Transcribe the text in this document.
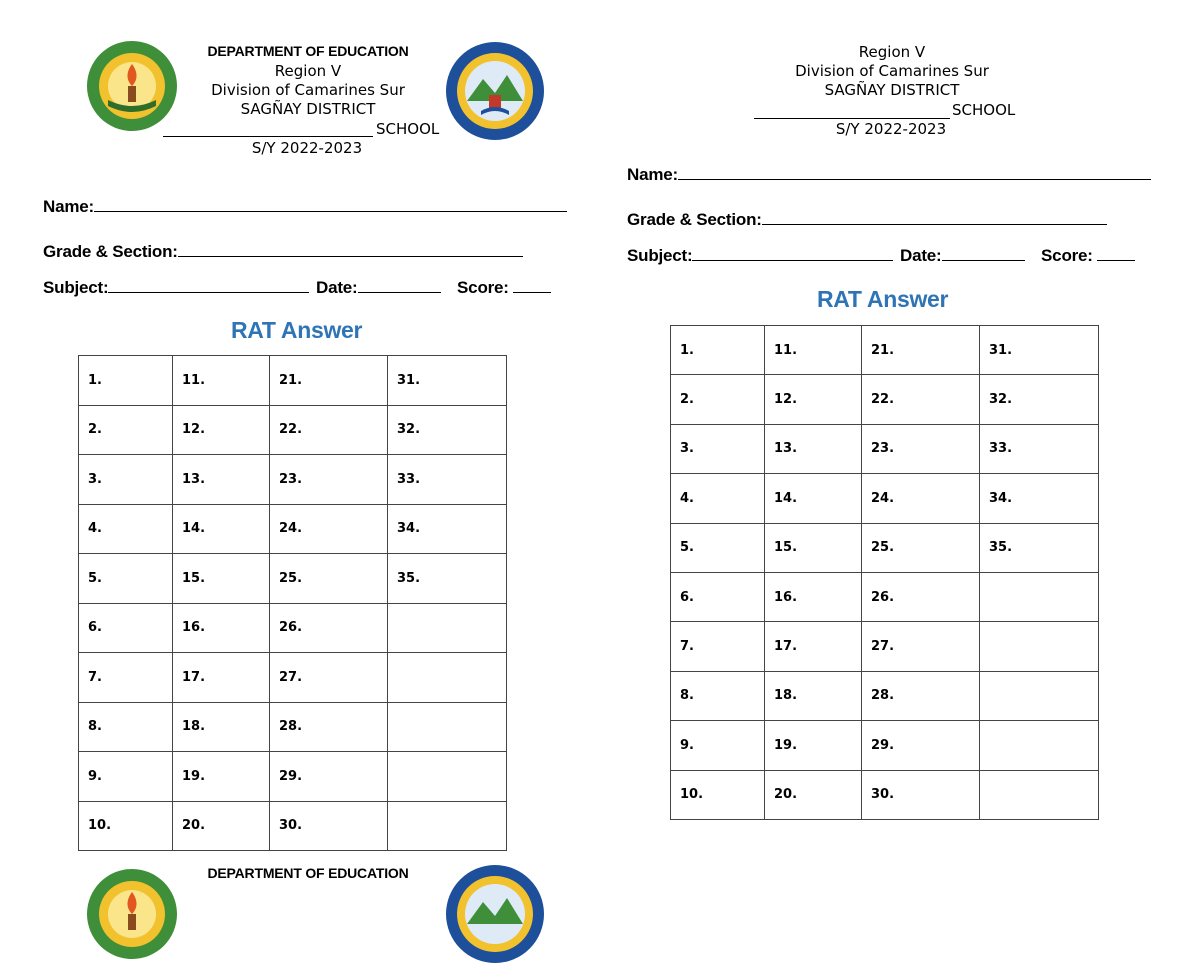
DEPARTMENT OF EDUCATION
Region V
Division of Camarines Sur
SAGÑAY DISTRICT
SCHOOL
S/Y 2022-2023
Name:
Grade & Section:
Subject:	Date:	Score:
RAT Answer
1.	11.	21.	31.
2.	12.	22.	32.
3.	13.	23.	33.
4.	14.	24.	34.
5.	15.	25.	35.
6.	16.	26.	
7.	17.	27.	
8.	18.	28.	
9.	19.	29.	
10.	20.	30.	
DEPARTMENT OF EDUCATION
Region V
Division of Camarines Sur
SAGÑAY DISTRICT
SCHOOL
S/Y 2022-2023
Name:
Grade & Section:
Subject:	Date:	Score:
RAT Answer
1.	11.	21.	31.
2.	12.	22.	32.
3.	13.	23.	33.
4.	14.	24.	34.
5.	15.	25.	35.
6.	16.	26.	
7.	17.	27.	
8.	18.	28.	
9.	19.	29.	
10.	20.	30.	
